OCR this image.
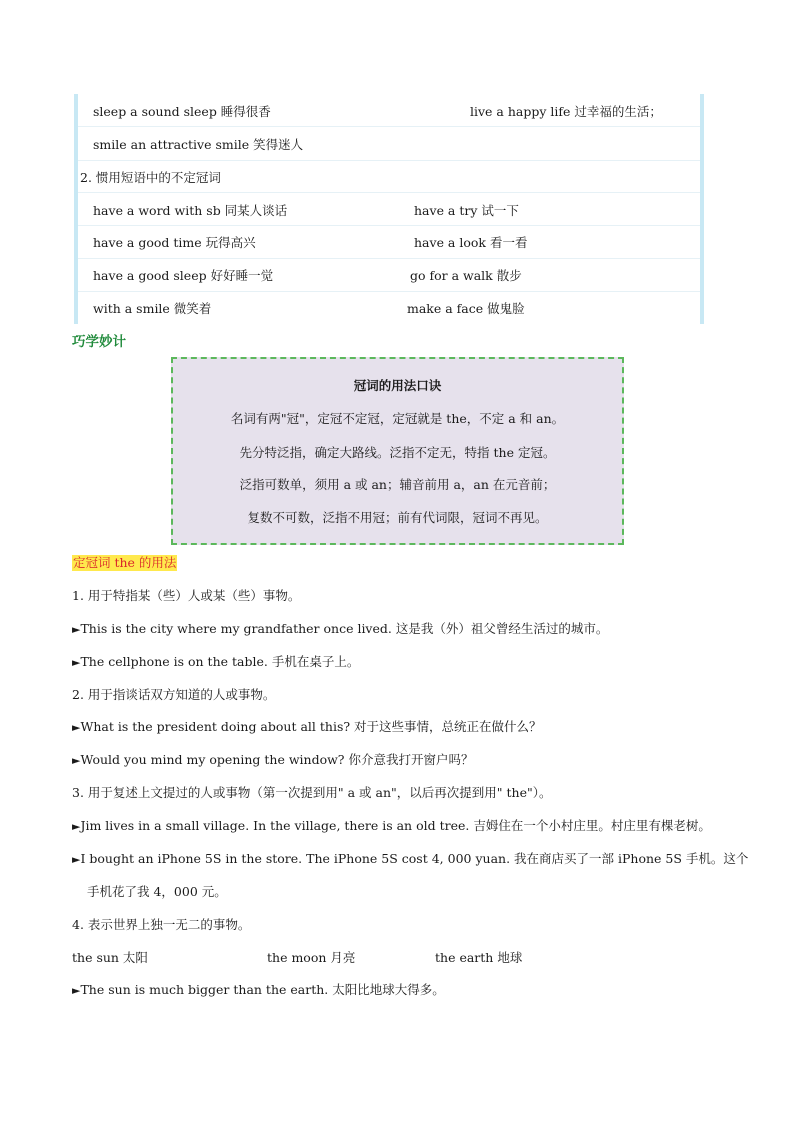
sleep a sound sleep 睡得很香	live a happy life 过幸福的生活；
smile an attractive smile 笑得迷人
2. 惯用短语中的不定冠词
have a word with sb 同某人谈话	have a try 试一下
have a good time 玩得高兴	have a look 看一看
have a good sleep 好好睡一觉	go for a walk 散步
with a smile 微笑着	make a face 做鬼脸
巧学妙计
冠词的用法口诀
名词有两"冠"，定冠不定冠，定冠就是 the，不定 a 和 an。
先分特泛指，确定大路线。泛指不定无，特指 the 定冠。
泛指可数单，须用 a 或 an；辅音前用 a，an 在元音前；
复数不可数，泛指不用冠；前有代词限，冠词不再见。
定冠词 the 的用法
1. 用于特指某（些）人或某（些）事物。
►This is the city where my grandfather once lived. 这是我（外）祖父曾经生活过的城市。
►The cellphone is on the table. 手机在桌子上。
2. 用于指谈话双方知道的人或事物。
►What is the president doing about all this? 对于这些事情，总统正在做什么？
►Would you mind my opening the window? 你介意我打开窗户吗？
3. 用于复述上文提过的人或事物（第一次提到用" a 或 an"，以后再次提到用" the"）。
►Jim lives in a small village. In the village, there is an old tree. 吉姆住在一个小村庄里。村庄里有棵老树。
►I bought an iPhone 5S in the store. The iPhone 5S cost 4, 000 yuan. 我在商店买了一部 iPhone 5S 手机。这个
手机花了我 4，000 元。
4. 表示世界上独一无二的事物。
the sun 太阳	the moon 月亮	the earth 地球
►The sun is much bigger than the earth. 太阳比地球大得多。
